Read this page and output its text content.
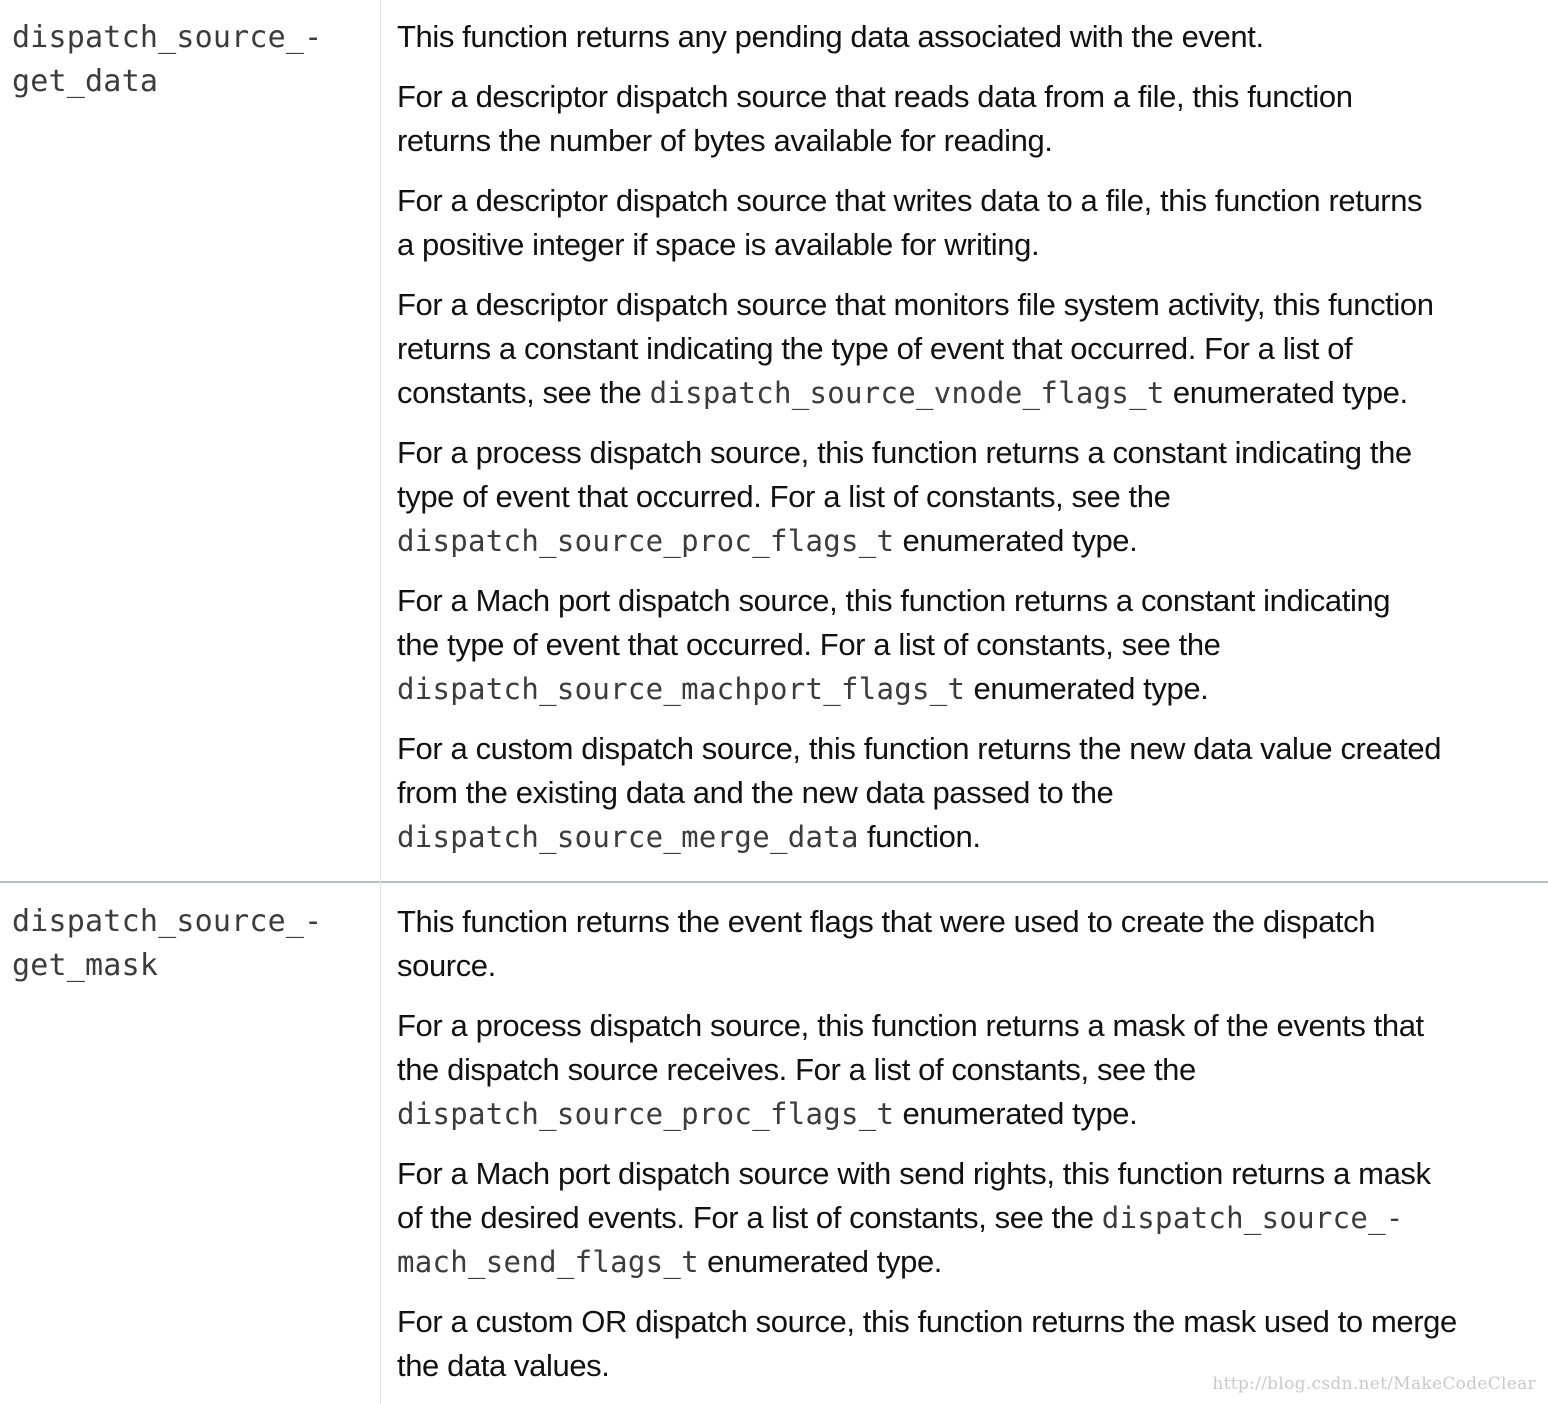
dispatch_source_-
get_data

This function returns any pending data associated with the event.

For a descriptor dispatch source that reads data from a file, this function
returns the number of bytes available for reading.

For a descriptor dispatch source that writes data to a file, this function returns
a positive integer if space is available for writing.

For a descriptor dispatch source that monitors file system activity, this function
returns a constant indicating the type of event that occurred. For a list of
constants, see the dispatch_source_vnode_flags_t enumerated type.

For a process dispatch source, this function returns a constant indicating the
type of event that occurred. For a list of constants, see the
dispatch_source_proc_flags_t enumerated type.

For a Mach port dispatch source, this function returns a constant indicating
the type of event that occurred. For a list of constants, see the
dispatch_source_machport_flags_t enumerated type.

For a custom dispatch source, this function returns the new data value created
from the existing data and the new data passed to the
dispatch_source_merge_data function.

dispatch_source_-
get_mask

This function returns the event flags that were used to create the dispatch
source.

For a process dispatch source, this function returns a mask of the events that
the dispatch source receives. For a list of constants, see the
dispatch_source_proc_flags_t enumerated type.

For a Mach port dispatch source with send rights, this function returns a mask
of the desired events. For a list of constants, see the dispatch_source_-
mach_send_flags_t enumerated type.

For a custom OR dispatch source, this function returns the mask used to merge
the data values.

http://blog.csdn.net/MakeCodeClear
